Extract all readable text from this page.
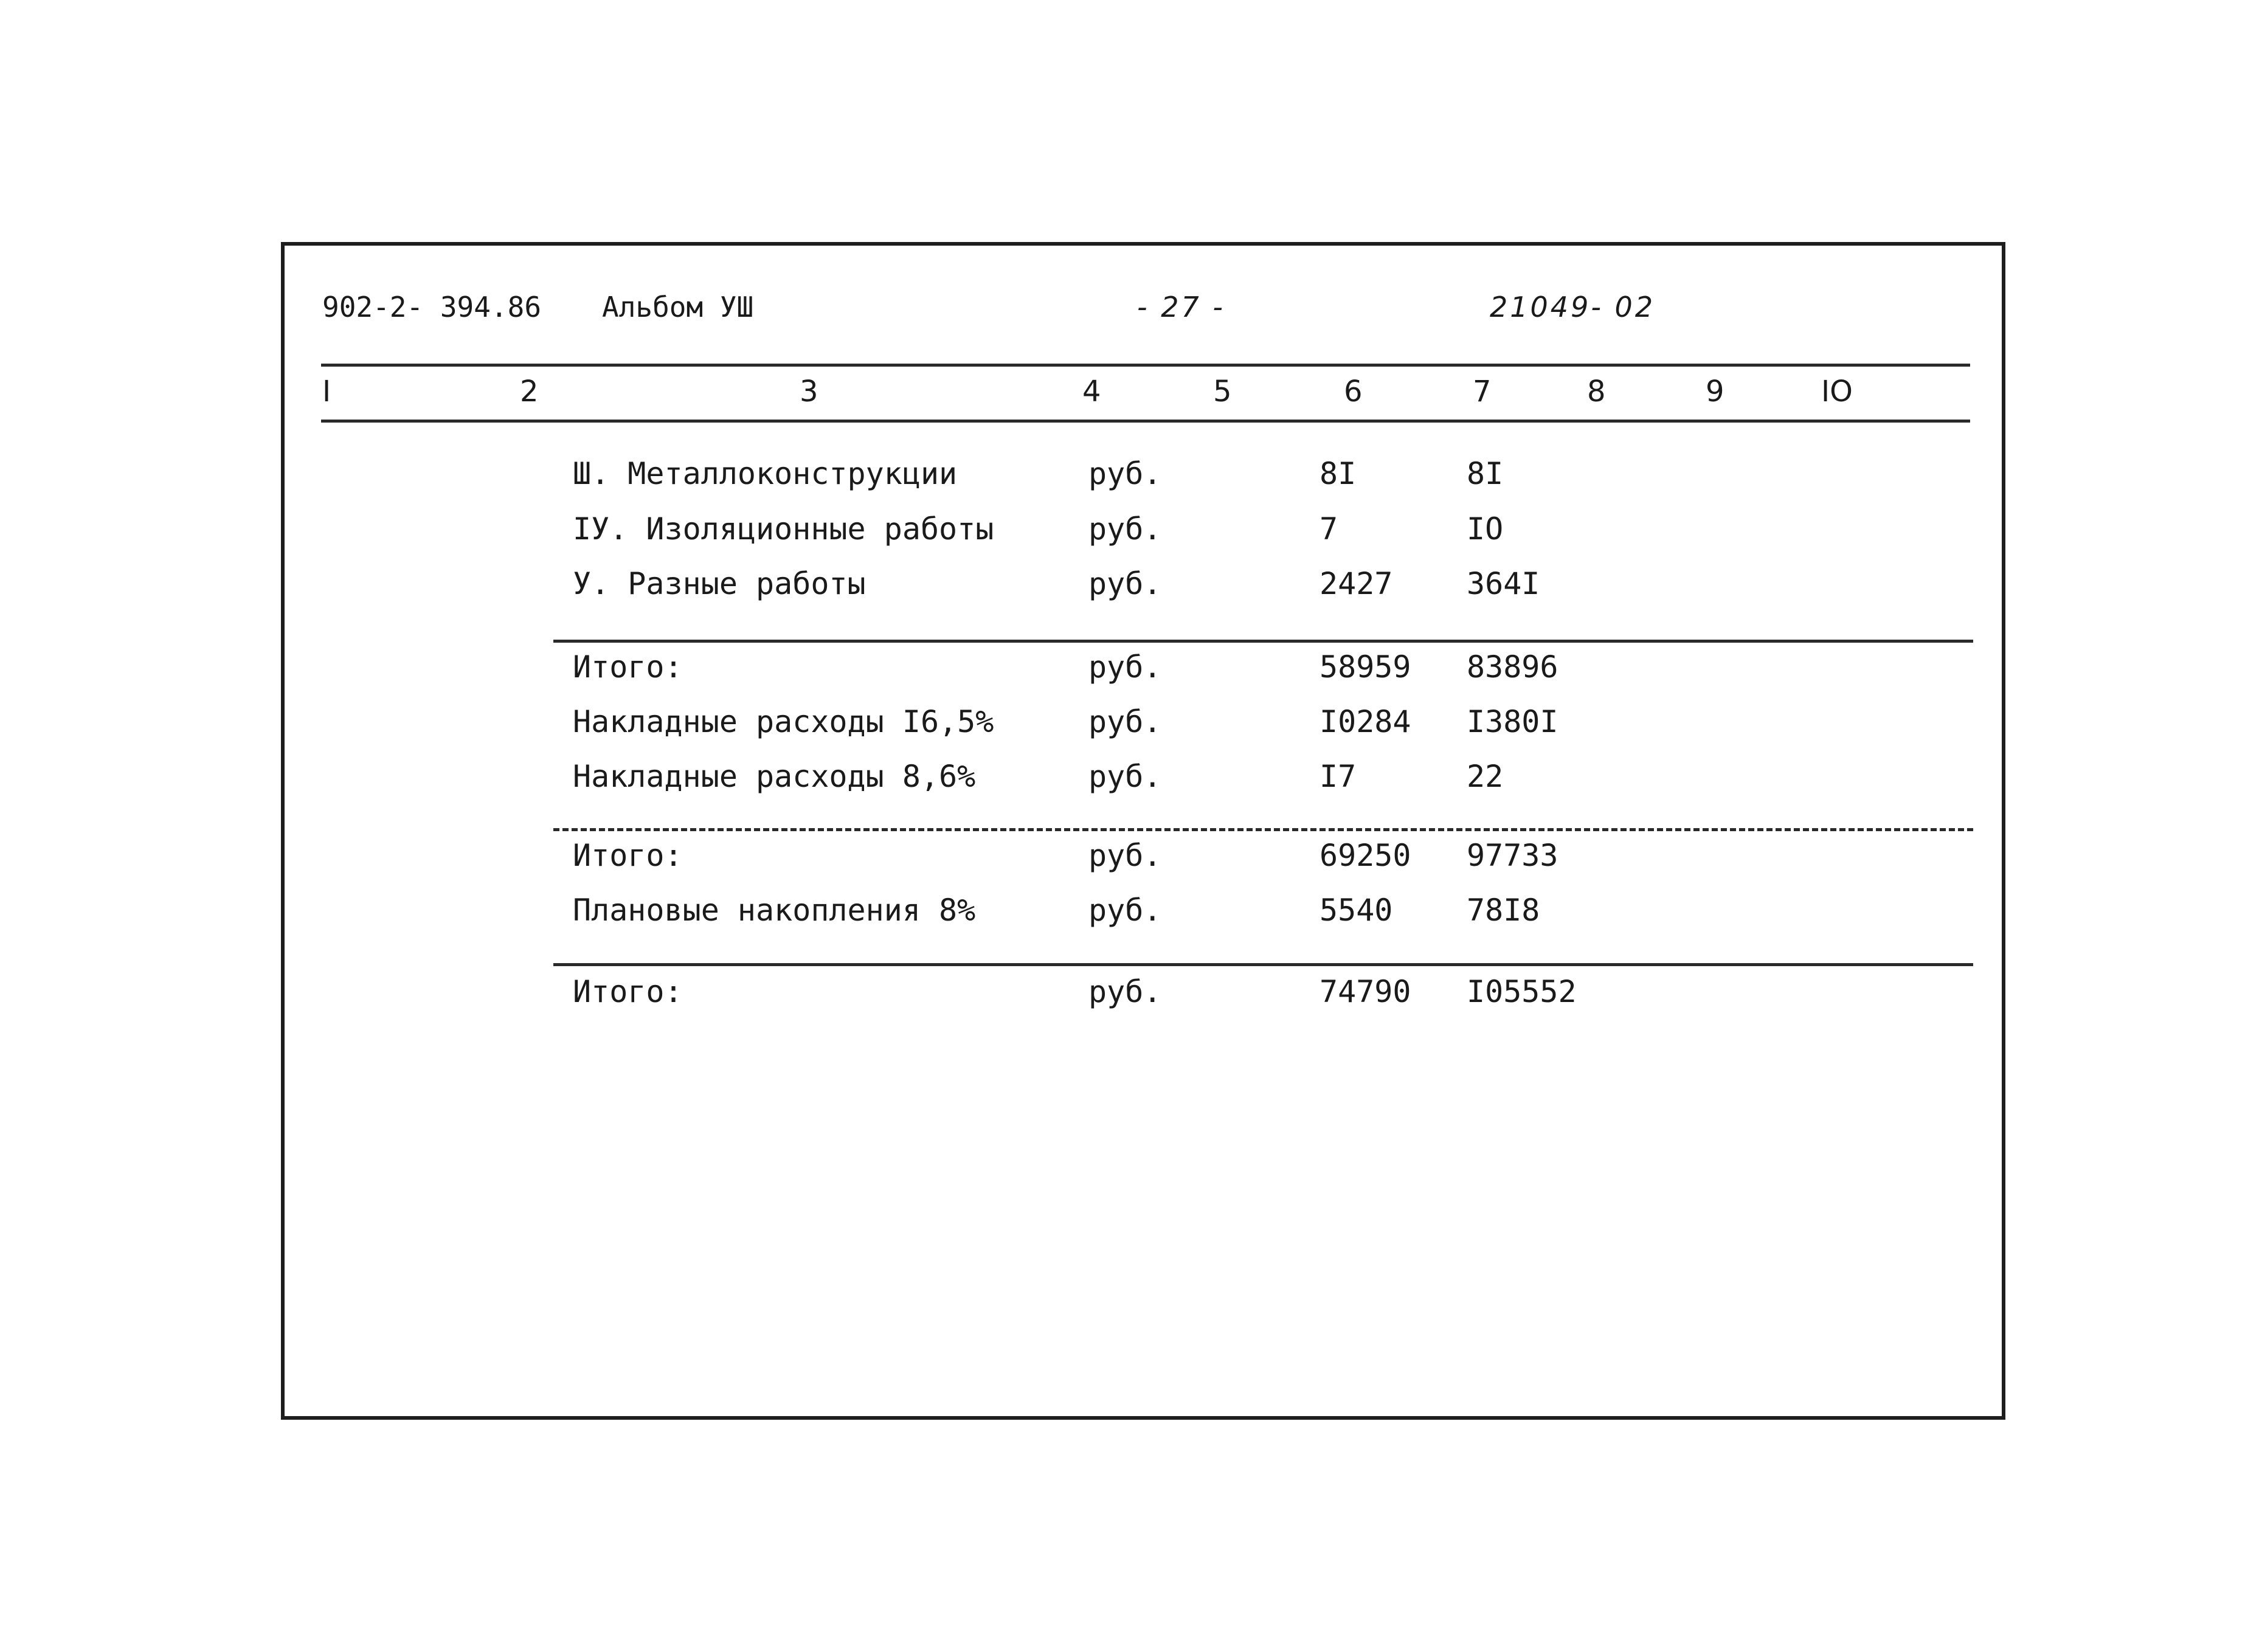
902-2- 394.86 Альбом УШ	- 27 -	21049- 02
I	2	3	4	5	6	7	8	9	IO
Ш. Металлоконструкции	руб.	8I	8I
IУ. Изоляционные работы	руб.	7	IO
У. Разные работы	руб.	2427 364I
Итого:	руб.	58959 83896
Накладные расходы I6,5%	руб.	I0284 I380I
Накладные расходы 8,6%	руб.	I7	22
Итого:	руб.	69250 97733
Плановые накопления 8%	руб.	5540 78I8
Итого:	руб.	74790 I05552
